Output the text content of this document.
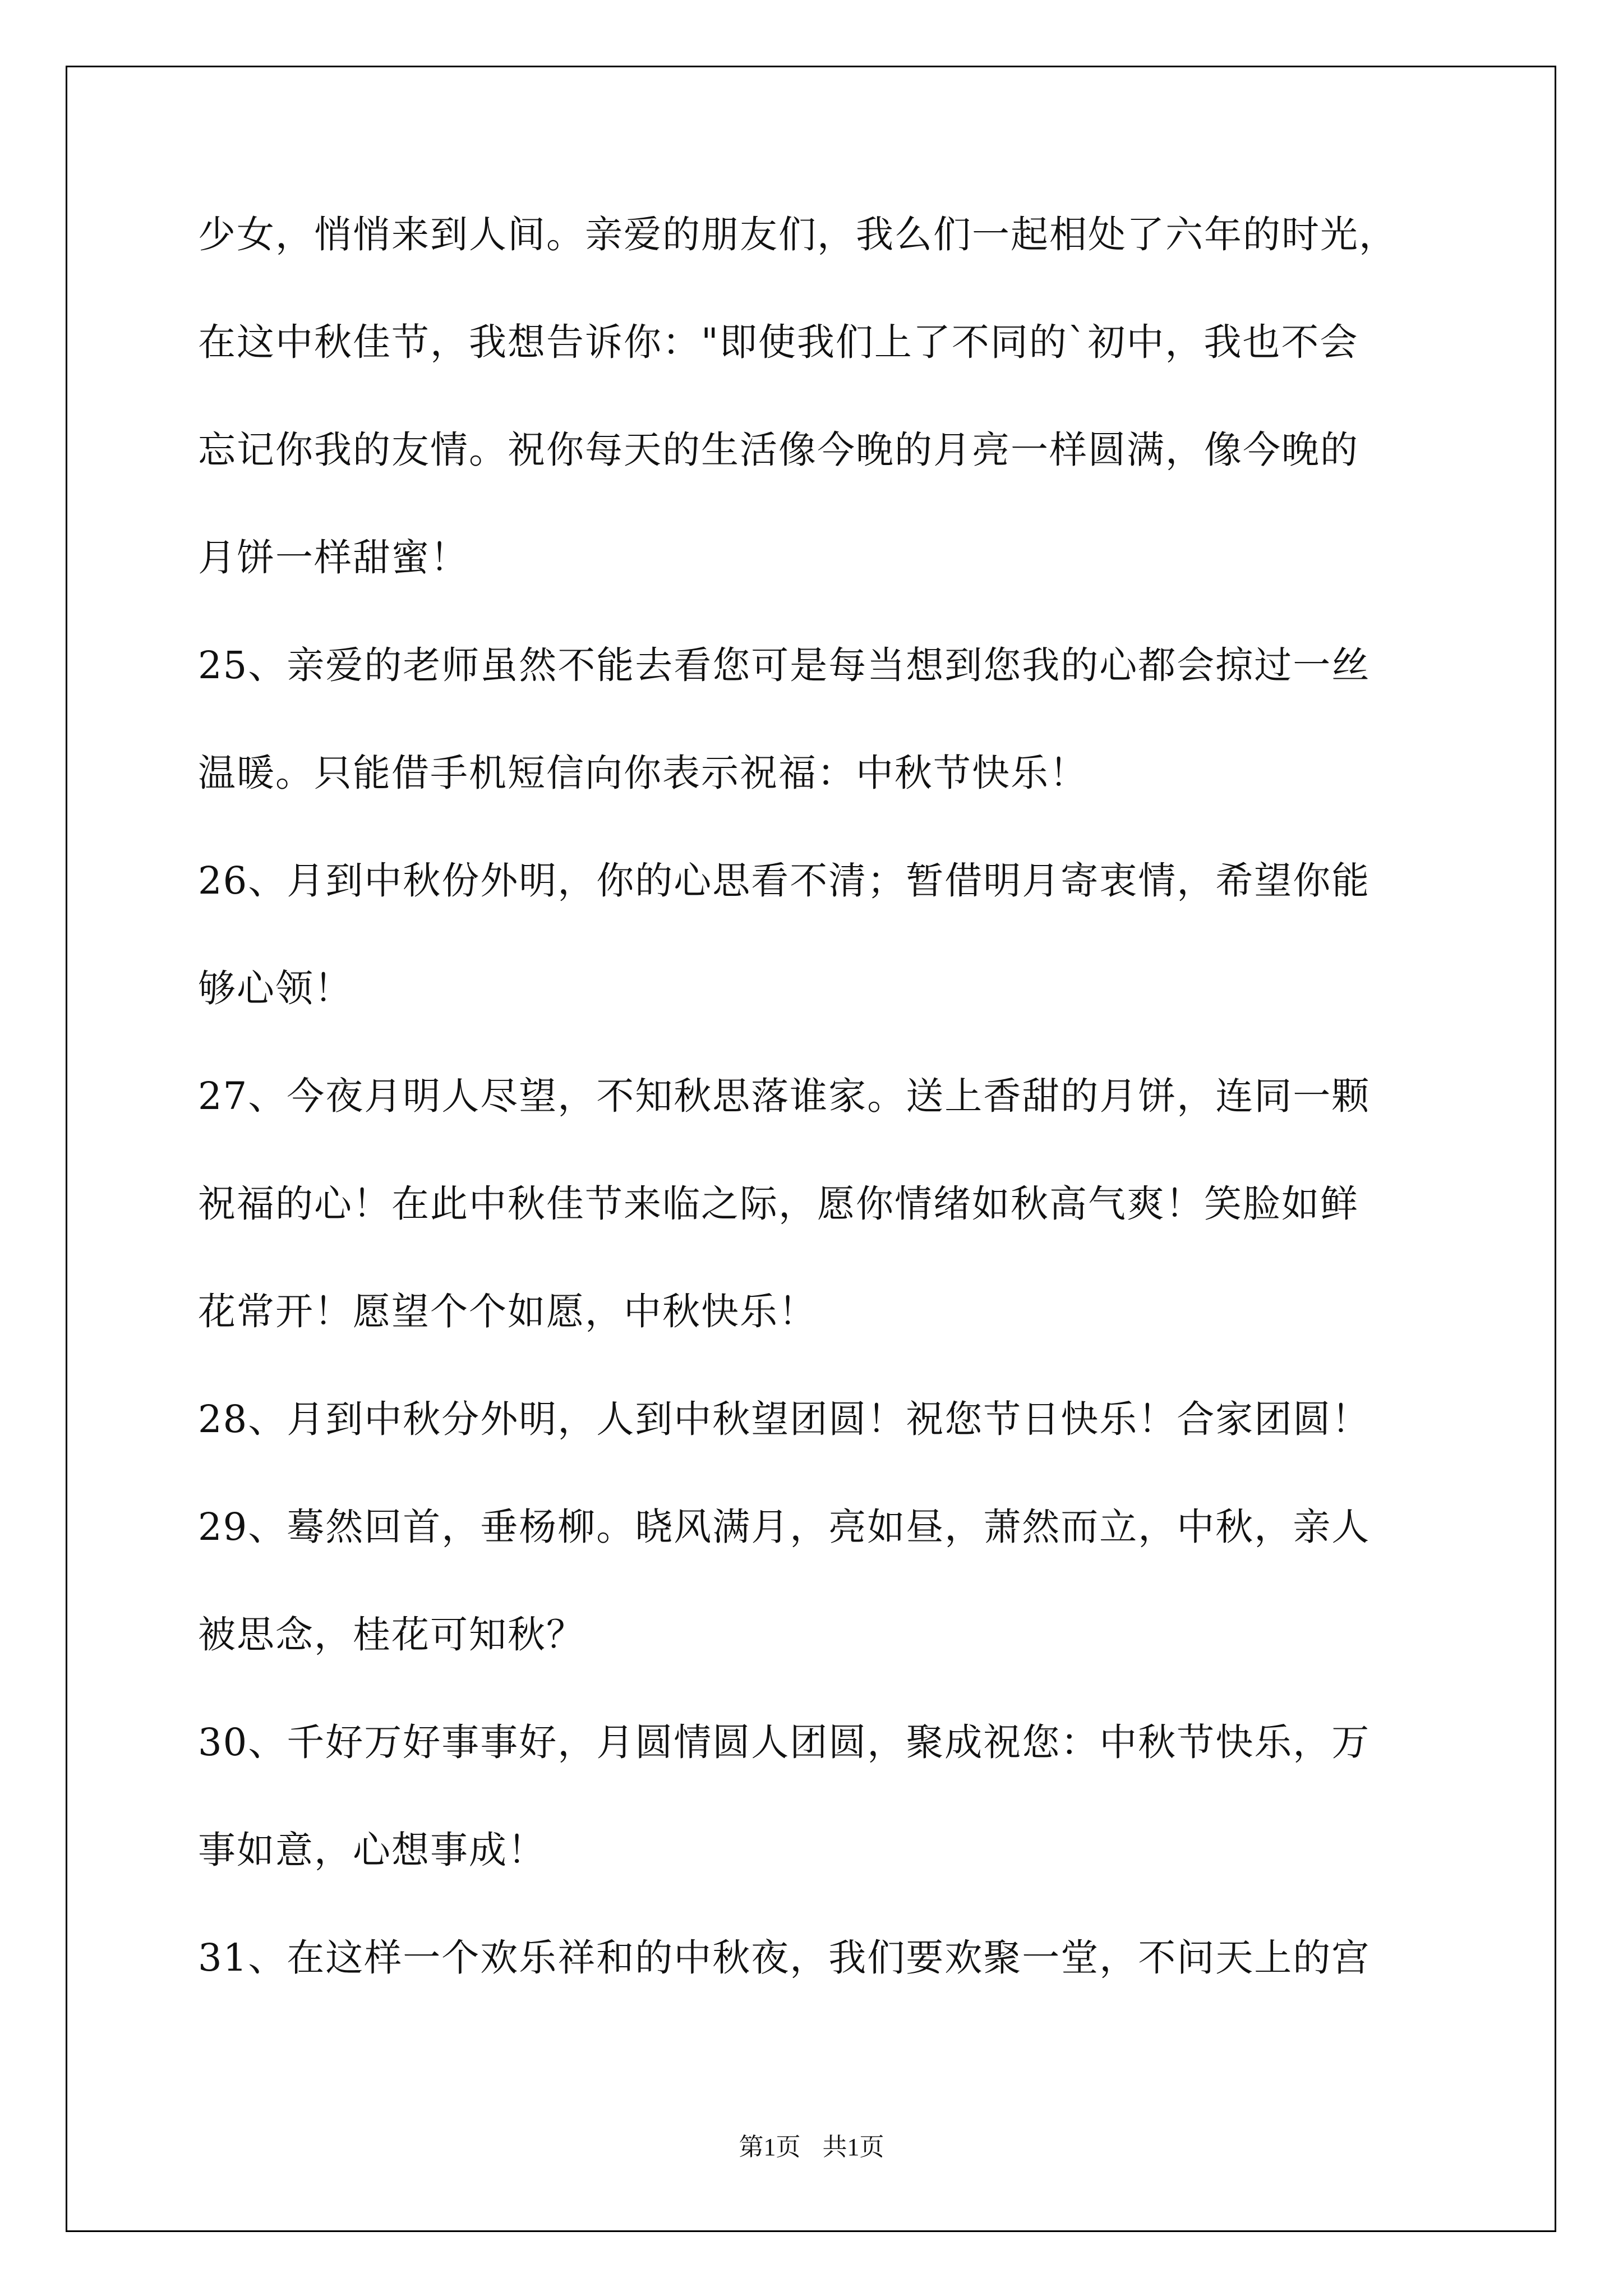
少女，悄悄来到人间。亲爱的朋友们，我么们一起相处了六年的时光，
在这中秋佳节，我想告诉你："即使我们上了不同的`初中，我也不会
忘记你我的友情。祝你每天的生活像今晚的月亮一样圆满，像今晚的
月饼一样甜蜜！
25、亲爱的老师虽然不能去看您可是每当想到您我的心都会掠过一丝
温暖。只能借手机短信向你表示祝福：中秋节快乐！
26、月到中秋份外明，你的心思看不清；暂借明月寄衷情，希望你能
够心领！
27、今夜月明人尽望，不知秋思落谁家。送上香甜的月饼，连同一颗
祝福的心！在此中秋佳节来临之际，愿你情绪如秋高气爽！笑脸如鲜
花常开！愿望个个如愿，中秋快乐！
28、月到中秋分外明，人到中秋望团圆！祝您节日快乐！合家团圆！
29、蓦然回首，垂杨柳。晓风满月，亮如昼，萧然而立，中秋，亲人
被思念，桂花可知秋？
30、千好万好事事好，月圆情圆人团圆，聚成祝您：中秋节快乐，万
事如意，心想事成！
31、在这样一个欢乐祥和的中秋夜，我们要欢聚一堂，不问天上的宫
第1页 共1页
